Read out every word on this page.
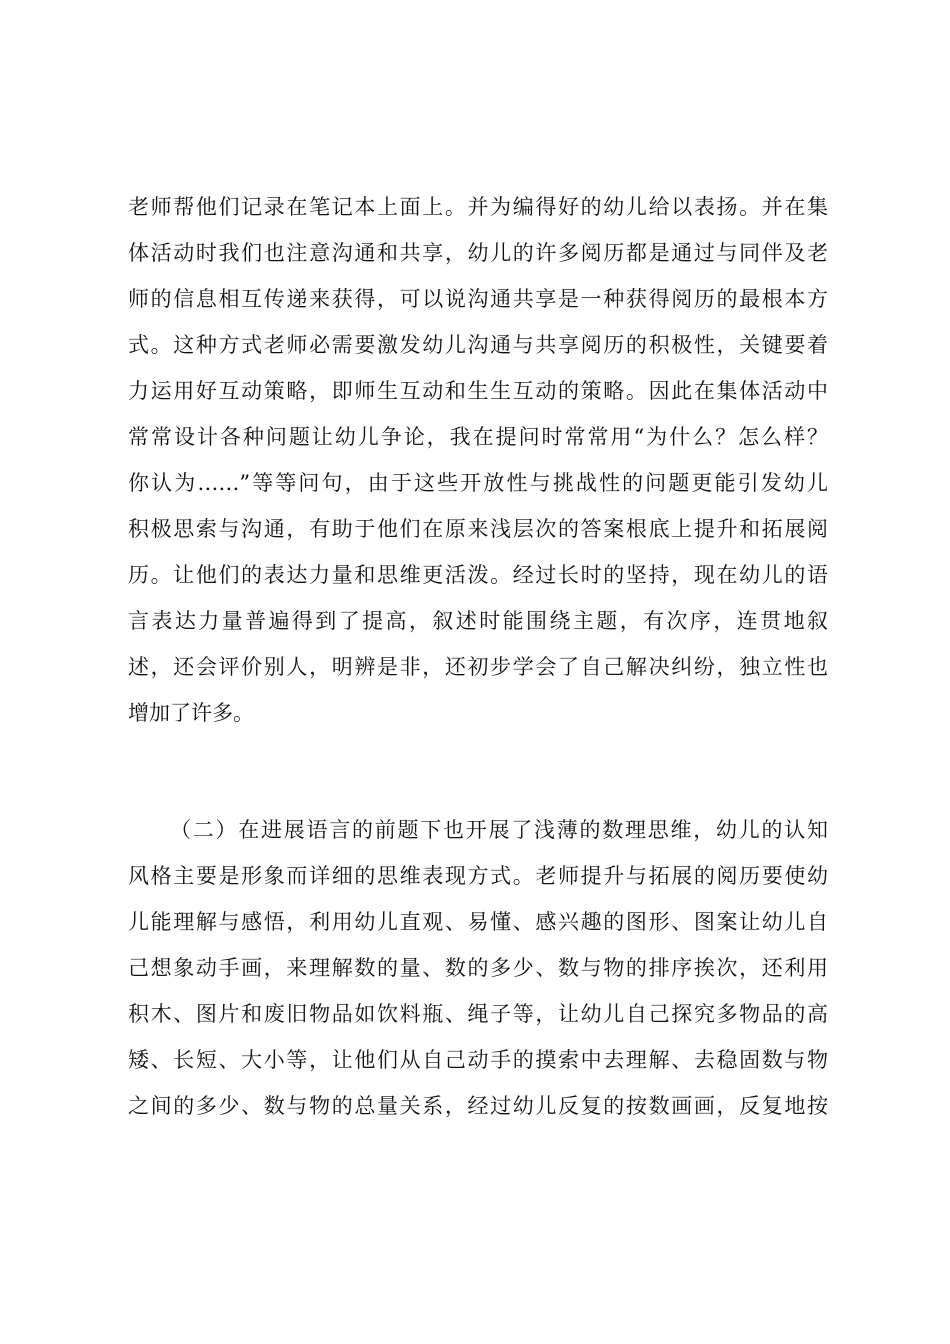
老师帮他们记录在笔记本上面上。并为编得好的幼儿给以表扬。并在集
体活动时我们也注意沟通和共享，幼儿的许多阅历都是通过与同伴及老
师的信息相互传递来获得，可以说沟通共享是一种获得阅历的最根本方
式。这种方式老师必需要激发幼儿沟通与共享阅历的积极性，关键要着
力运用好互动策略，即师生互动和生生互动的策略。因此在集体活动中
常常设计各种问题让幼儿争论，我在提问时常常用“为什么？怎么样？
你认为……”等等问句，由于这些开放性与挑战性的问题更能引发幼儿
积极思索与沟通，有助于他们在原来浅层次的答案根底上提升和拓展阅
历。让他们的表达力量和思维更活泼。经过长时的坚持，现在幼儿的语
言表达力量普遍得到了提高，叙述时能围绕主题，有次序，连贯地叙
述，还会评价别人，明辨是非，还初步学会了自己解决纠纷，独立性也
增加了许多。
（二）在进展语言的前题下也开展了浅薄的数理思维，幼儿的认知
风格主要是形象而详细的思维表现方式。老师提升与拓展的阅历要使幼
儿能理解与感悟，利用幼儿直观、易懂、感兴趣的图形、图案让幼儿自
己想象动手画，来理解数的量、数的多少、数与物的排序挨次，还利用
积木、图片和废旧物品如饮料瓶、绳子等，让幼儿自己探究多物品的高
矮、长短、大小等，让他们从自己动手的摸索中去理解、去稳固数与物
之间的多少、数与物的总量关系，经过幼儿反复的按数画画，反复地按
